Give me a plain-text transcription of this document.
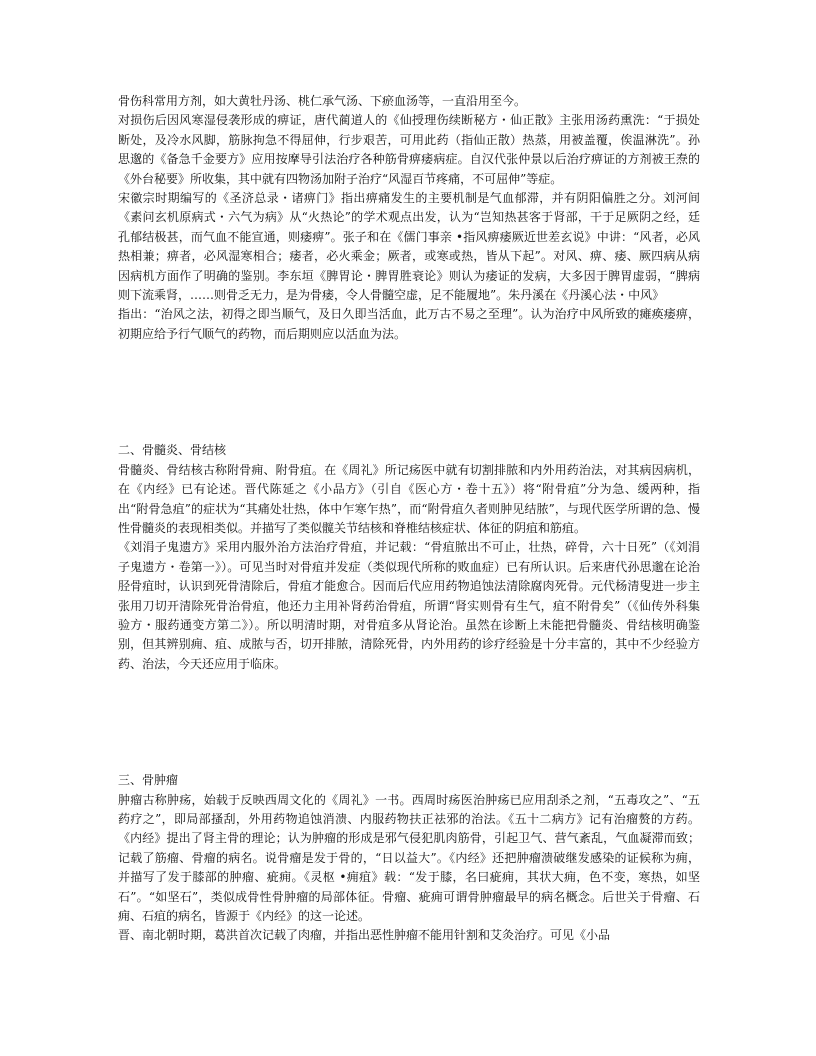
骨伤科常用方剂，如大黄牡丹汤、桃仁承气汤、下瘀血汤等，一直沿用至今。

对损伤后因风寒湿侵袭形成的痹证，唐代蔺道人的《仙授理伤续断秘方・仙正散》主张用汤药熏洗：“于损处断处，及冷水风脚，筋脉拘急不得屈伸，行步艰苦，可用此药（指仙正散）热蒸，用被盖覆，俟温淋洗”。孙思邈的《备急千金要方》应用按摩导引法治疗各种筋骨痹痿病症。自汉代张仲景以后治疗痹证的方剂被王焘的《外台秘要》所收集，其中就有四物汤加附子治疗“风湿百节疼痛，不可屈伸”等症。

宋徽宗时期编写的《圣济总录・诸痹门》指出痹痛发生的主要机制是气血郁滞，并有阴阳偏胜之分。刘河间《素问玄机原病式・六气为病》从“火热论”的学术观点出发，认为“岂知热甚客于肾部，干于足厥阴之经，廷孔郁结极甚，而气血不能宣通，则痿痹”。张子和在《儒门事亲 •指风痹痿厥近世差玄说》中讲：“风者，必风热相兼；痹者，必风湿寒相合；痿者，必火乘金；厥者，或寒或热，皆从下起”。对风、痹、痿、厥四病从病因病机方面作了明确的鉴别。李东垣《脾胃论・脾胃胜衰论》则认为痿证的发病，大多因于脾胃虚弱，“脾病则下流乘肾，……则骨乏无力，是为骨痿，令人骨髓空虚，足不能履地”。朱丹溪在《丹溪心法・中风》

指出：“治风之法，初得之即当顺气，及日久即当活血，此万古不易之至理”。认为治疗中风所致的瘫痪痿痹，初期应给予行气顺气的药物，而后期则应以活血为法。

二、骨髓炎、骨结核

骨髓炎、骨结核古称附骨痈、附骨疽。在《周礼》所记疡医中就有切割排脓和内外用药治法，对其病因病机，在《内经》已有论述。晋代陈延之《小品方》（引自《医心方・卷十五》）将“附骨疽”分为急、缓两种，指出“附骨急疽”的症状为“其痛处壮热，体中乍寒乍热”，而“附骨疽久者则肿见结脓”，与现代医学所谓的急、慢性骨髓炎的表现相类似。并描写了类似髋关节结核和脊椎结核症状、体征的阴疽和筋疽。

《刘涓子鬼遗方》采用内服外治方法治疗骨疽，并记载：“骨疽脓出不可止，壮热，碎骨，六十日死”（《刘涓子鬼遗方・卷第一》）。可见当时对骨疽并发症（类似现代所称的败血症）已有所认识。后来唐代孙思邈在论治胫骨疽时，认识到死骨清除后，骨疽才能愈合。因而后代应用药物追蚀法清除腐肉死骨。元代杨清叟进一步主张用刀切开清除死骨治骨疽，他还力主用补肾药治骨疽，所谓“肾实则骨有生气，疽不附骨矣”（《仙传外科集验方・服药通变方第二》）。所以明清时期，对骨疽多从肾论治。虽然在诊断上未能把骨髓炎、骨结核明确鉴别，但其辨别痈、疽、成脓与否，切开排脓，清除死骨，内外用药的诊疗经验是十分丰富的，其中不少经验方药、治法，今天还应用于临床。

三、骨肿瘤

肿瘤古称肿疡，始载于反映西周文化的《周礼》一书。西周时疡医治肿疡已应用刮杀之剂，“五毒攻之”、“五药疗之”，即局部搔刮，外用药物追蚀消溃、内服药物扶正祛邪的治法。《五十二病方》记有治瘤赘的方药。《内经》提出了肾主骨的理论；认为肿瘤的形成是邪气侵犯肌肉筋骨，引起卫气、营气紊乱，气血凝滞而致；记载了筋瘤、骨瘤的病名。说骨瘤是发于骨的，“日以益大”。《内经》还把肿瘤溃破继发感染的证候称为痈，并描写了发于膝部的肿瘤、疵痈。《灵枢 •痈疽》载：“发于膝，名曰疵痈，其状大痈，色不变，寒热，如坚石”。“如坚石”，类似成骨性骨肿瘤的局部体征。骨瘤、疵痈可谓骨肿瘤最早的病名概念。后世关于骨瘤、石痈、石疽的病名，皆源于《内经》的这一论述。

晋、南北朝时期，葛洪首次记载了肉瘤，并指出恶性肿瘤不能用针割和艾灸治疗。可见《小品
